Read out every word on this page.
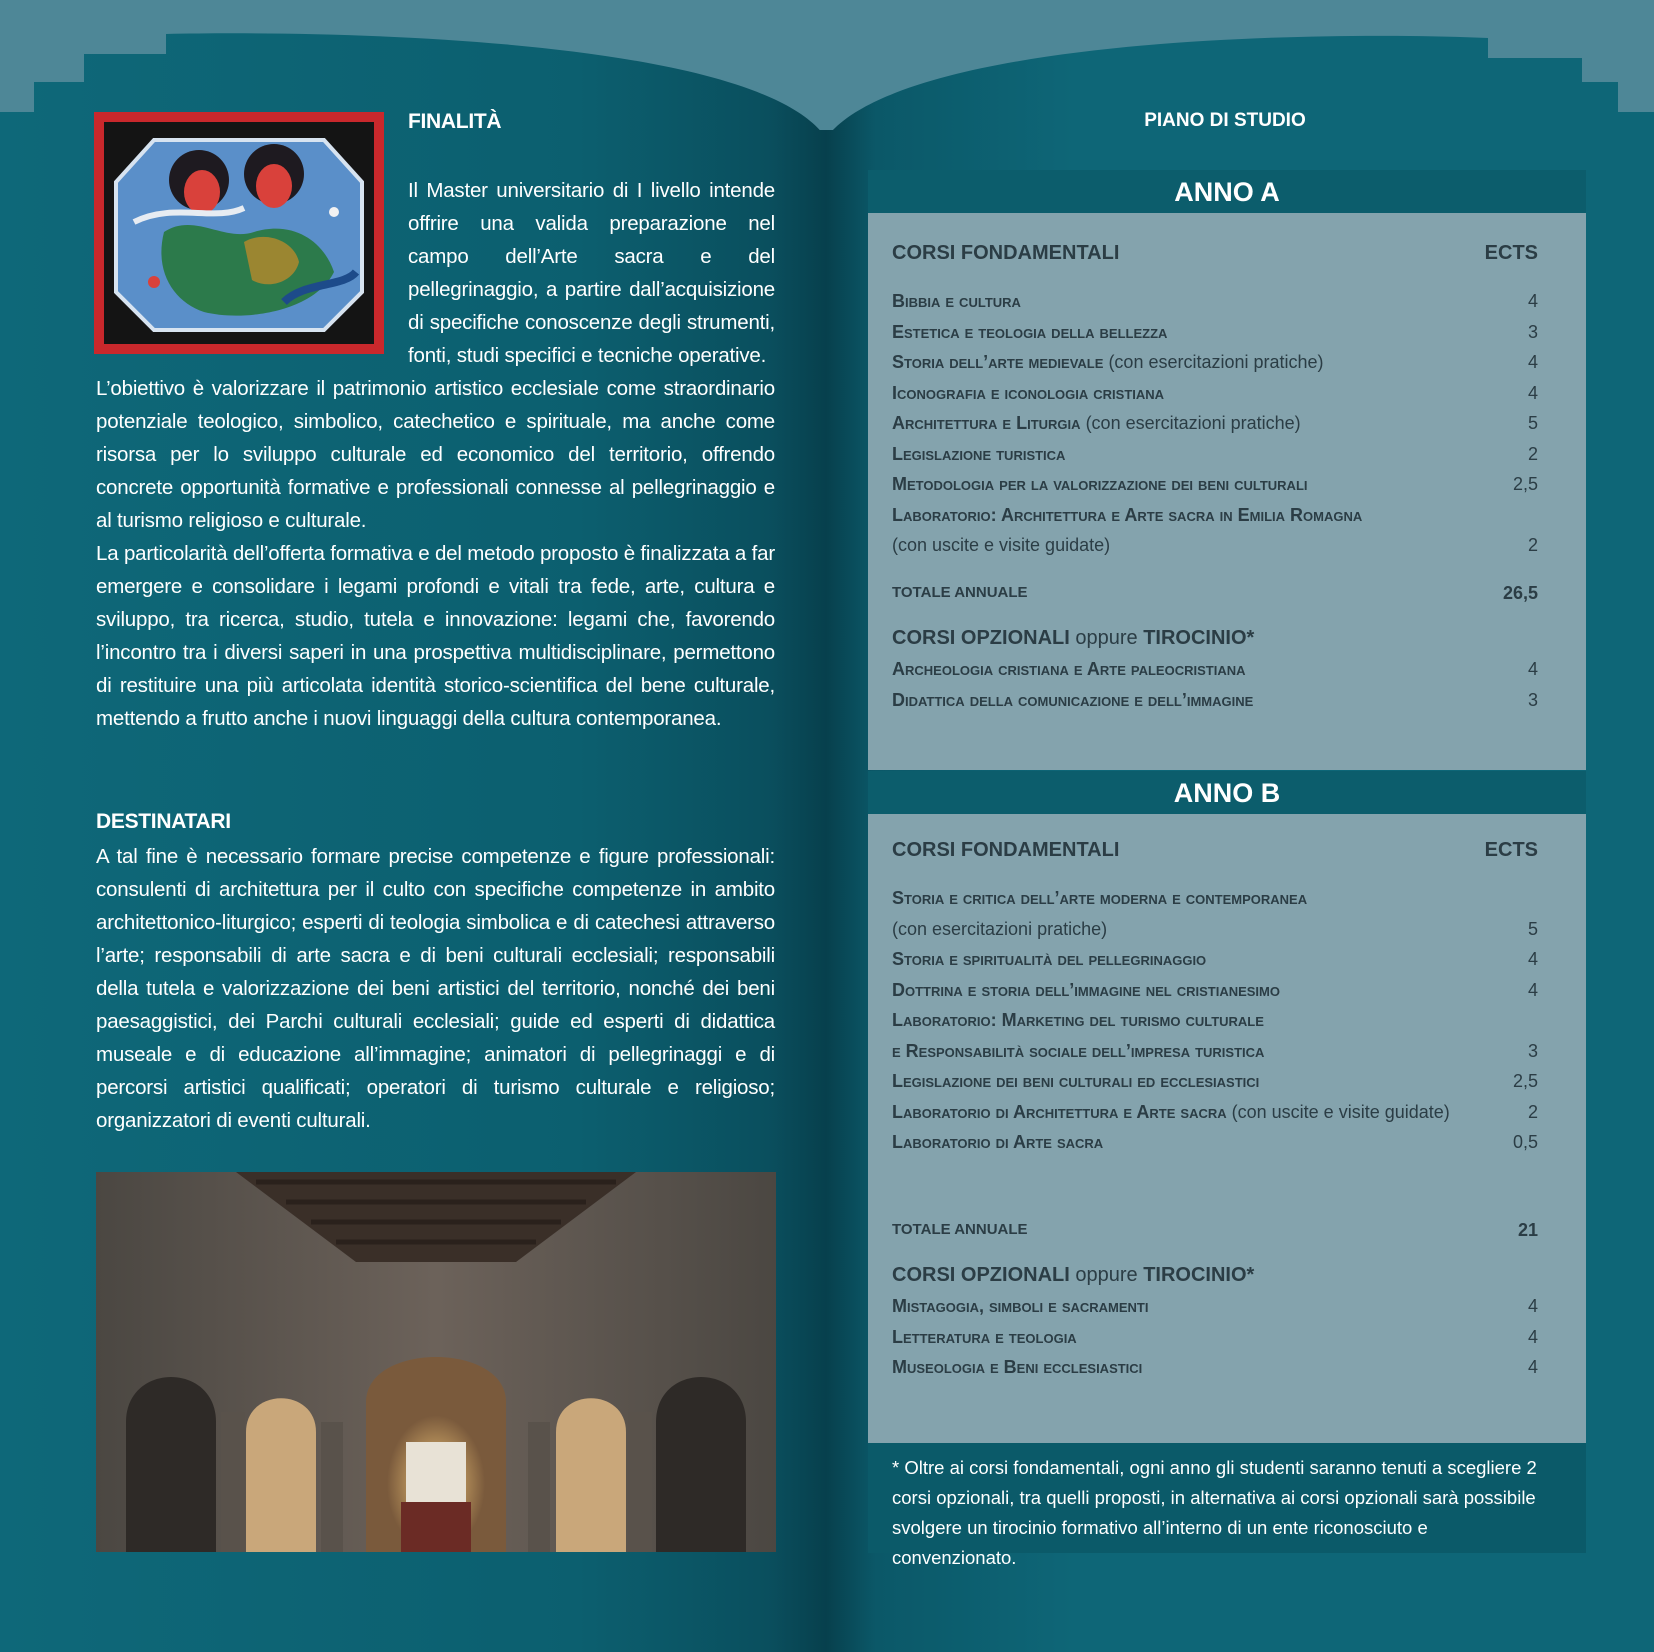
FINALITÀ

Il Master universitario di I livello intende offrire una valida preparazione nel campo dell’Arte sacra e del pellegrinaggio, a partire dall’acquisizione di specifiche conoscenze degli strumenti, fonti, studi specifici e tecniche operative.

L’obiettivo è valorizzare il patrimonio artistico ecclesiale come straordinario potenziale teologico, simbolico, catechetico e spirituale, ma anche come risorsa per lo sviluppo culturale ed economico del territorio, offrendo concrete opportunità formative e professionali connesse al pellegrinaggio e al turismo religioso e culturale.

La particolarità dell’offerta formativa e del metodo proposto è finalizzata a far emergere e consolidare i legami profondi e vitali tra fede, arte, cultura e sviluppo, tra ricerca, studio, tutela e innovazione: legami che, favorendo l’incontro tra i diversi saperi in una prospettiva multidisciplinare, permettono di restituire una più articolata identità storico-scientifica del bene culturale, mettendo a frutto anche i nuovi linguaggi della cultura contemporanea.

DESTINATARI

A tal fine è necessario formare precise competenze e figure professionali: consulenti di architettura per il culto con specifiche competenze in ambito architettonico-liturgico; esperti di teologia simbolica e di catechesi attraverso l’arte; responsabili di arte sacra e di beni culturali ecclesiali; responsabili della tutela e valorizzazione dei beni artistici del territorio, nonché dei beni paesaggistici, dei Parchi culturali ecclesiali; guide ed esperti di didattica museale e di educazione all’immagine; animatori di pellegrinaggi e di percorsi artistici qualificati; operatori di turismo culturale e religioso; organizzatori di eventi culturali.

PIANO DI STUDIO
ANNO A
CORSI FONDAMENTALI	ECTS
Bibbia e cultura	4
Estetica e teologia della bellezza	3
Storia dell’arte medievale (con esercitazioni pratiche)	4
Iconografia e iconologia cristiana	4
Architettura e Liturgia (con esercitazioni pratiche)	5
Legislazione turistica	2
Metodologia per la valorizzazione dei beni culturali	2,5
Laboratorio: Architettura e Arte sacra in Emilia Romagna
(con uscite e visite guidate)	2
TOTALE ANNUALE	26,5
CORSI OPZIONALI oppure TIROCINIO*
Archeologia cristiana e Arte paleocristiana	4
Didattica della comunicazione e dell’immagine	3
ANNO B
CORSI FONDAMENTALI	ECTS
Storia e critica dell’arte moderna e contemporanea
(con esercitazioni pratiche)	5
Storia e spiritualità del pellegrinaggio	4
Dottrina e storia dell’immagine nel cristianesimo	4
Laboratorio: Marketing del turismo culturale
e Responsabilità sociale dell’impresa turistica	3
Legislazione dei beni culturali ed ecclesiastici	2,5
Laboratorio di Architettura e Arte sacra (con uscite e visite guidate)	2
Laboratorio di Arte sacra	0,5
TOTALE ANNUALE	21
CORSI OPZIONALI oppure TIROCINIO*
Mistagogia, simboli e sacramenti	4
Letteratura e teologia	4
Museologia e Beni ecclesiastici	4
* Oltre ai corsi fondamentali, ogni anno gli studenti saranno tenuti a scegliere 2 corsi opzionali, tra quelli proposti, in alternativa ai corsi opzionali sarà possibile svolgere un tirocinio formativo all’interno di un ente riconosciuto e convenzionato.
